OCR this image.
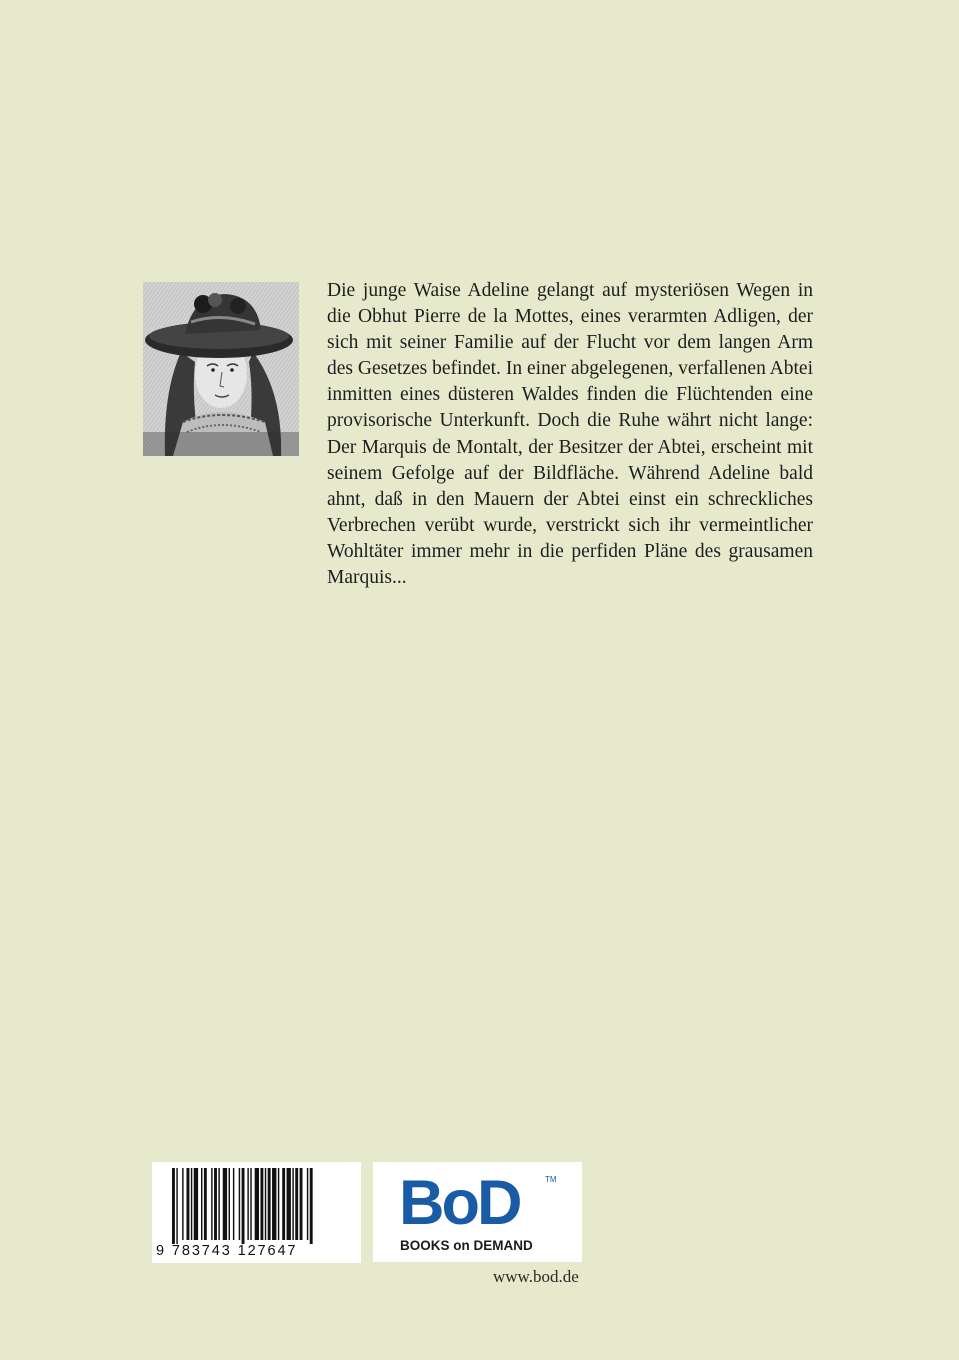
Die junge Waise Adeline gelangt auf mysteriösen Wegen in die Obhut Pierre de la Mottes, eines verarmten Adligen, der sich mit seiner Familie auf der Flucht vor dem langen Arm des Gesetzes befindet. In einer abgelegenen, verfallenen Abtei inmitten eines düsteren Waldes finden die Flüchtenden eine provisorische Unterkunft. Doch die Ruhe währt nicht lange: Der Marquis de Montalt, der Besitzer der Abtei, erscheint mit seinem Gefolge auf der Bildfläche. Während Adeline bald ahnt, daß in den Mauern der Abtei einst ein schreckliches Verbrechen verübt wurde, verstrickt sich ihr vermeintlicher Wohltäter immer mehr in die perfiden Pläne des grausamen Marquis...

9 783743 127647
BoD	TM
BOOKS on DEMAND
www.bod.de
